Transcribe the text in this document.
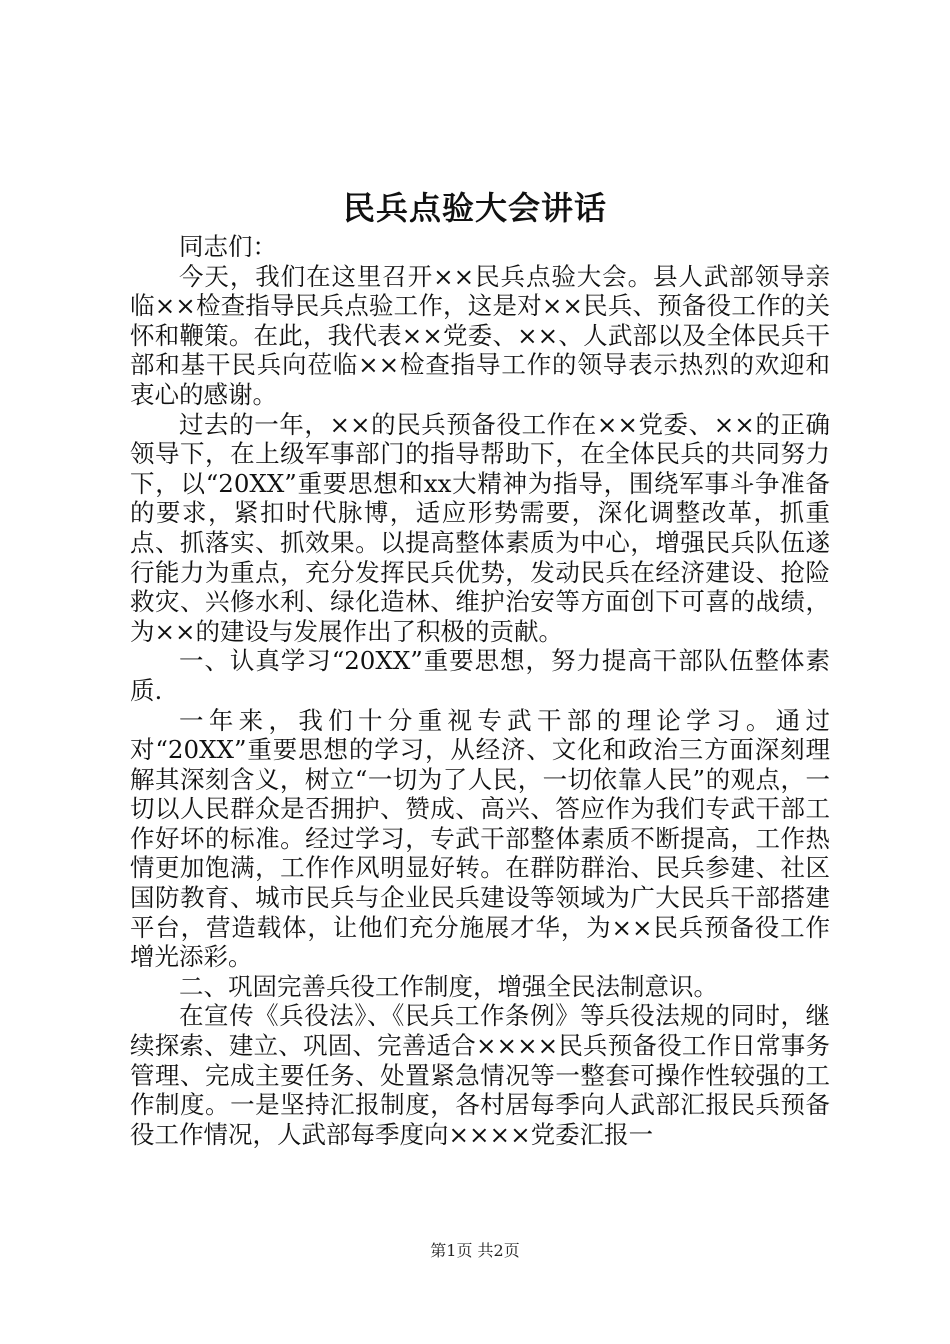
民兵点验大会讲话

同志们：

今天，我们在这里召开××民兵点验大会。县人武部领导亲临××检查指导民兵点验工作，这是对××民兵、预备役工作的关怀和鞭策。在此，我代表××党委、××、人武部以及全体民兵干部和基干民兵向莅临××检查指导工作的领导表示热烈的欢迎和衷心的感谢。

过去的一年，××的民兵预备役工作在××党委、××的正确领导下，在上级军事部门的指导帮助下，在全体民兵的共同努力下，以“20XX”重要思想和xx大精神为指导，围绕军事斗争准备的要求，紧扣时代脉博，适应形势需要，深化调整改革，抓重点、抓落实、抓效果。以提高整体素质为中心，增强民兵队伍遂行能力为重点，充分发挥民兵优势，发动民兵在经济建设、抢险救灾、兴修水利、绿化造林、维护治安等方面创下可喜的战绩，为××的建设与发展作出了积极的贡献。

一、认真学习“20XX”重要思想，努力提高干部队伍整体素质.

一年来，我们十分重视专武干部的理论学习。通过对“20XX”重要思想的学习，从经济、文化和政治三方面深刻理解其深刻含义，树立“一切为了人民，一切依靠人民”的观点，一切以人民群众是否拥护、赞成、高兴、答应作为我们专武干部工作好坏的标准。经过学习，专武干部整体素质不断提高，工作热情更加饱满，工作作风明显好转。在群防群治、民兵参建、社区国防教育、城市民兵与企业民兵建设等领域为广大民兵干部搭建平台，营造载体，让他们充分施展才华，为××民兵预备役工作增光添彩。

二、巩固完善兵役工作制度，增强全民法制意识。

在宣传《兵役法》、《民兵工作条例》等兵役法规的同时，继续探索、建立、巩固、完善适合××××民兵预备役工作日常事务管理、完成主要任务、处置紧急情况等一整套可操作性较强的工作制度。一是坚持汇报制度，各村居每季向人武部汇报民兵预备役工作情况，人武部每季度向××××党委汇报一

第1页 共2页
